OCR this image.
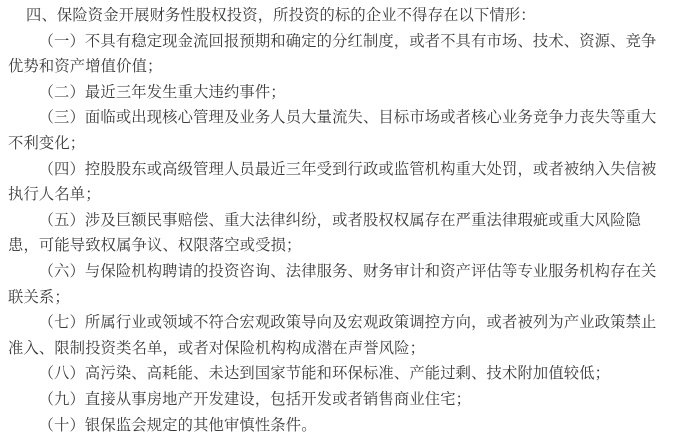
四、保险资金开展财务性股权投资，所投资的标的企业不得存在以下情形：

（一）不具有稳定现金流回报预期和确定的分红制度，或者不具有市场、技术、资源、竞争优势和资产增值价值；

（二）最近三年发生重大违约事件；

（三）面临或出现核心管理及业务人员大量流失、目标市场或者核心业务竞争力丧失等重大不利变化；

（四）控股股东或高级管理人员最近三年受到行政或监管机构重大处罚，或者被纳入失信被执行人名单；

（五）涉及巨额民事赔偿、重大法律纠纷，或者股权权属存在严重法律瑕疵或重大风险隐患，可能导致权属争议、权限落空或受损；

（六）与保险机构聘请的投资咨询、法律服务、财务审计和资产评估等专业服务机构存在关联关系；

（七）所属行业或领域不符合宏观政策导向及宏观政策调控方向，或者被列为产业政策禁止准入、限制投资类名单，或者对保险机构构成潜在声誉风险；

（八）高污染、高耗能、未达到国家节能和环保标准、产能过剩、技术附加值较低；

（九）直接从事房地产开发建设，包括开发或者销售商业住宅；

（十）银保监会规定的其他审慎性条件。
